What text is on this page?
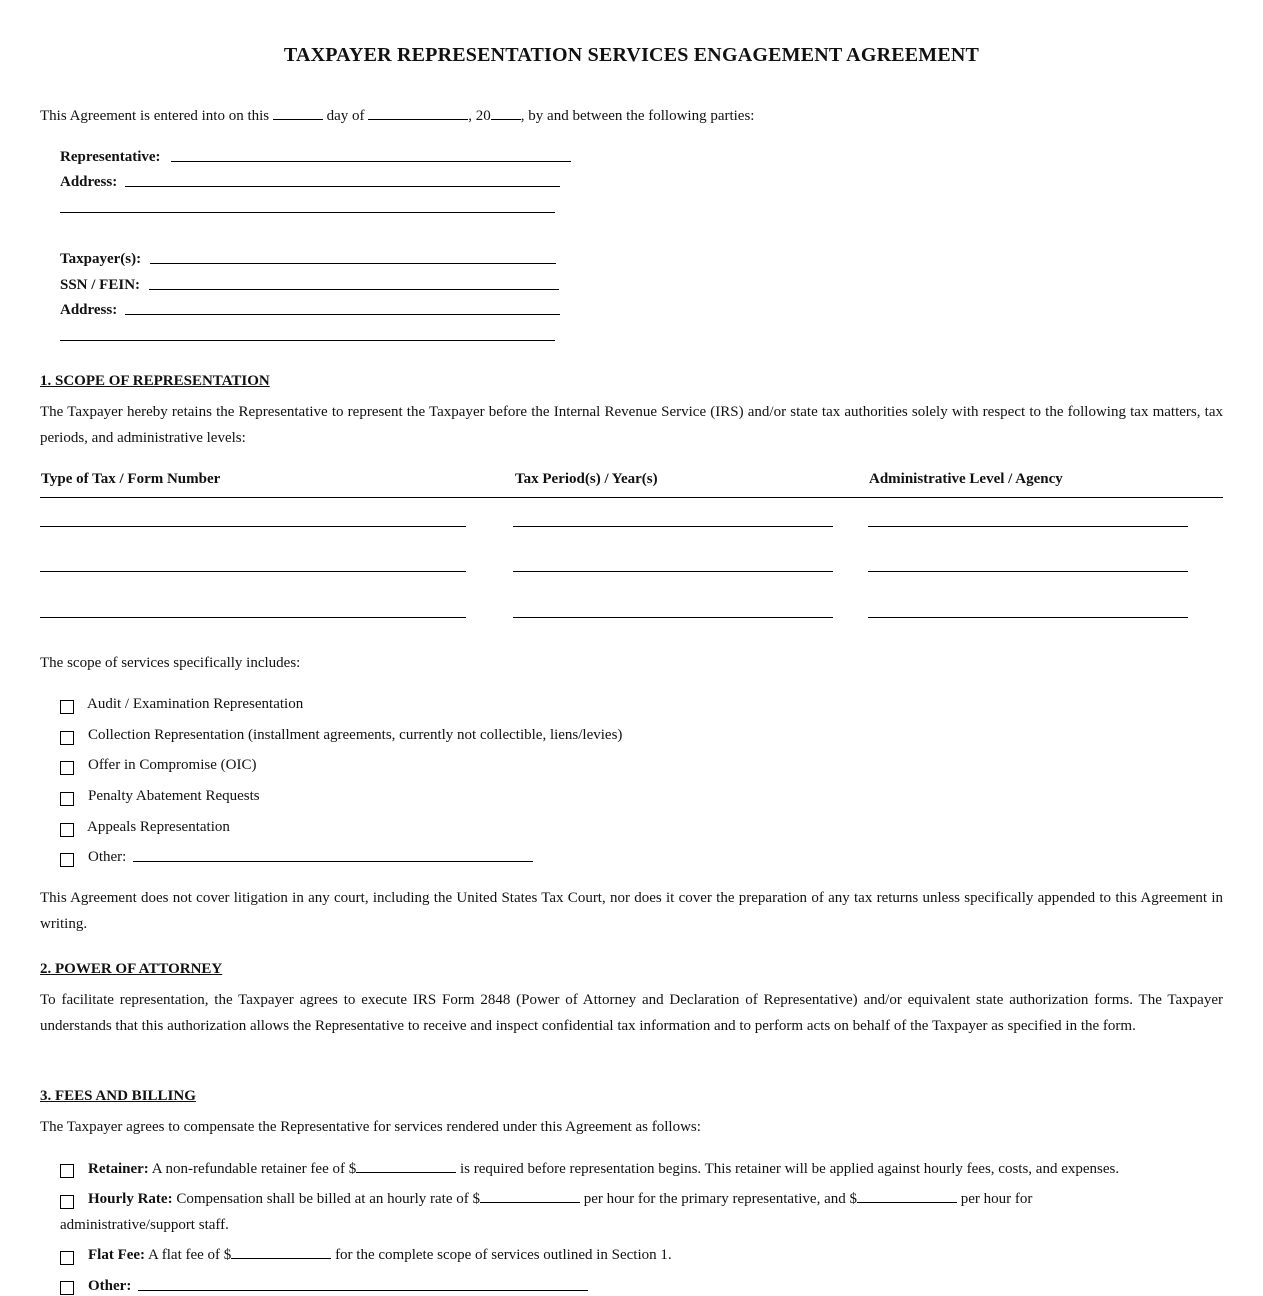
TAXPAYER REPRESENTATION SERVICES ENGAGEMENT AGREEMENT
This Agreement is entered into on this	day of	, 20 , by and between the following parties:
Representative:
Address:
Taxpayer(s):
SSN / FEIN:
Address:
1. SCOPE OF REPRESENTATION
The Taxpayer hereby retains the Representative to represent the Taxpayer before the Internal Revenue Service (IRS) and/or state tax authorities solely with respect to the following tax matters, tax periods, and administrative levels:
Type of Tax / Form Number	Tax Period(s) / Year(s)	Administrative Level / Agency
The scope of services specifically includes:
Audit / Examination Representation
Collection Representation (installment agreements, currently not collectible, liens/levies)
Offer in Compromise (OIC)
Penalty Abatement Requests
Appeals Representation
Other:
This Agreement does not cover litigation in any court, including the United States Tax Court, nor does it cover the preparation of any tax returns unless specifically appended to this Agreement in writing.
2. POWER OF ATTORNEY
To facilitate representation, the Taxpayer agrees to execute IRS Form 2848 (Power of Attorney and Declaration of Representative) and/or equivalent state authorization forms. The Taxpayer understands that this authorization allows the Representative to receive and inspect confidential tax information and to perform acts on behalf of the Taxpayer as specified in the form.
3. FEES AND BILLING
The Taxpayer agrees to compensate the Representative for services rendered under this Agreement as follows:
Retainer: A non-refundable retainer fee of $	is required before representation begins. This retainer will be applied against hourly fees, costs, and expenses.
Hourly Rate: Compensation shall be billed at an hourly rate of $	per hour for the primary representative, and $	per hour for
administrative/support staff.
Flat Fee: A flat fee of $	for the complete scope of services outlined in Section 1.
Other:
